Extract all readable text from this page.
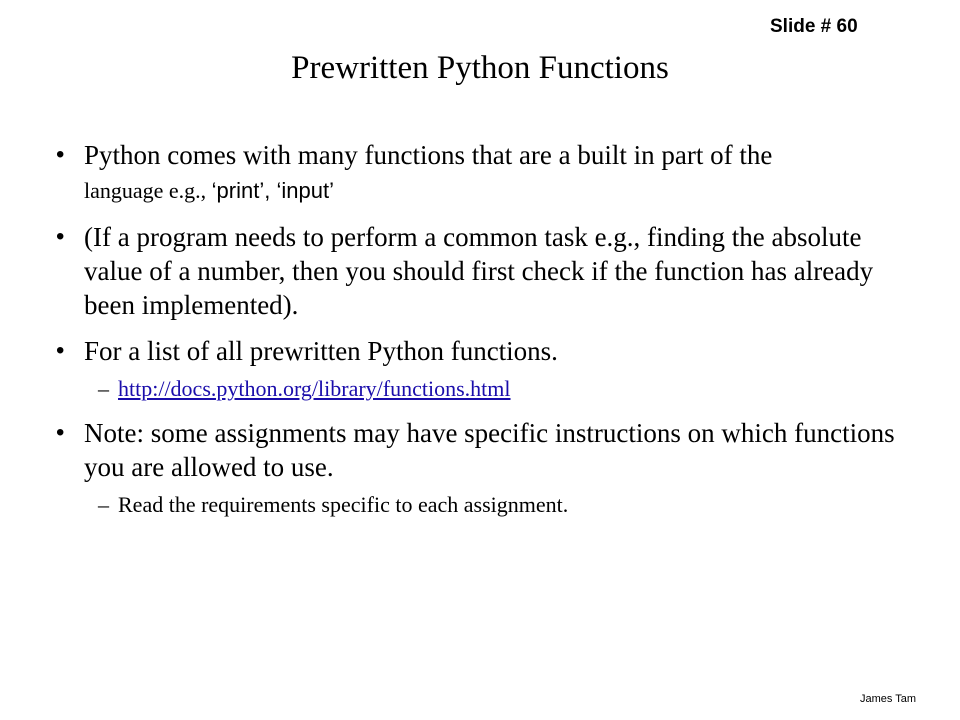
Slide # 60
Prewritten Python Functions
• Python comes with many functions that are a built in part of the
language e.g., ‘print’, ‘input’
• (If a program needs to perform a common task e.g., finding the absolute value of a number, then you should first check if the function has already been implemented).
• For a list of all prewritten Python functions.
– http://docs.python.org/library/functions.html
• Note: some assignments may have specific instructions on which functions you are allowed to use.
– Read the requirements specific to each assignment.
James Tam
